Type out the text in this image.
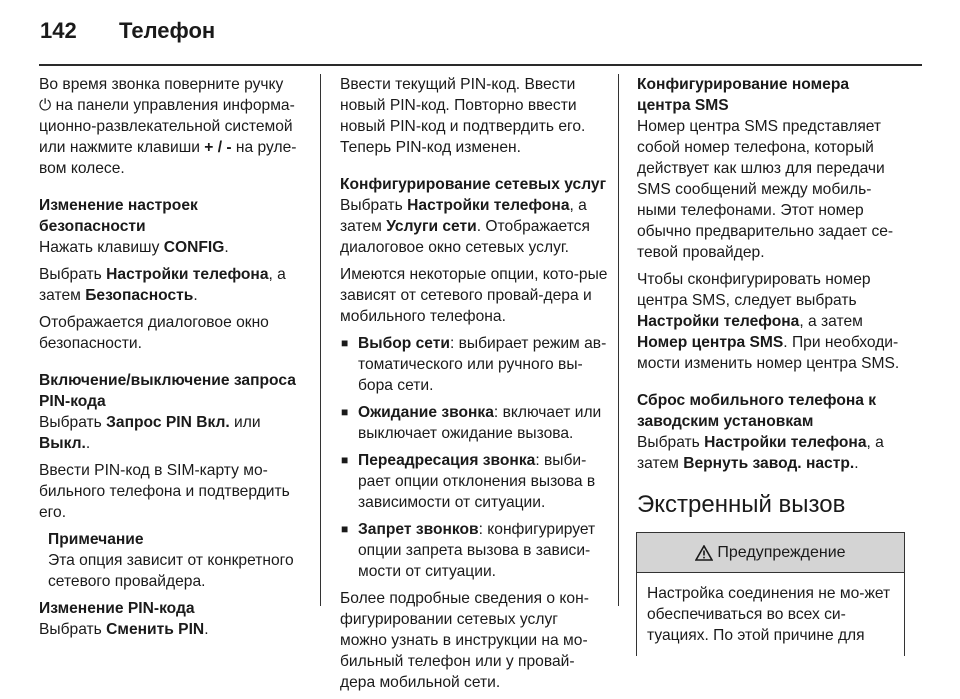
142 Телефон

Во время звонка поверните ручку
⏻ на панели управления информа-ционно-развлекательной системой или нажмите клавиши + / - на руле-вом колесе.

Изменение настроек безопасности

Нажать клавишу CONFIG.

Выбрать Настройки телефона, а затем Безопасность.

Отображается диалоговое окно безопасности.

Включение/выключение запроса PIN-кода

Выбрать Запрос PIN Вкл. или Выкл..

Ввести PIN-код в SIM-карту мо-бильного телефона и подтвердить его.

Примечание

Эта опция зависит от конкретного сетевого провайдера.

Изменение PIN-кода

Выбрать Сменить PIN.

Ввести текущий PIN-код. Ввести новый PIN-код. Повторно ввести новый PIN-код и подтвердить его. Теперь PIN-код изменен.

Конфигурирование сетевых услуг

Выбрать Настройки телефона, а затем Услуги сети. Отображается диалоговое окно сетевых услуг.

Имеются некоторые опции, кото-рые зависят от сетевого провай-дера и мобильного телефона.

■ Выбор сети: выбирает режим ав-томатического или ручного вы-бора сети.
■ Ожидание звонка: включает или выключает ожидание вызова.
■ Переадресация звонка: выби-рает опции отклонения вызова в зависимости от ситуации.
■ Запрет звонков: конфигурирует опции запрета вызова в зависи-мости от ситуации.

Более подробные сведения о кон-фигурировании сетевых услуг можно узнать в инструкции на мо-бильный телефон или у провай-дера мобильной сети.

Конфигурирование номера центра SMS

Номер центра SMS представляет собой номер телефона, который действует как шлюз для передачи SMS сообщений между мобиль-ными телефонами. Этот номер обычно предварительно задает се-тевой провайдер.

Чтобы сконфигурировать номер центра SMS, следует выбрать Настройки телефона, а затем Номер центра SMS. При необходи-мости изменить номер центра SMS.

Сброс мобильного телефона к заводским установкам

Выбрать Настройки телефона, а затем Вернуть завод. настр..

Экстренный вызов
Предупреждение
Настройка соединения не мо-жет обеспечиваться во всех си-туациях. По этой причине для
